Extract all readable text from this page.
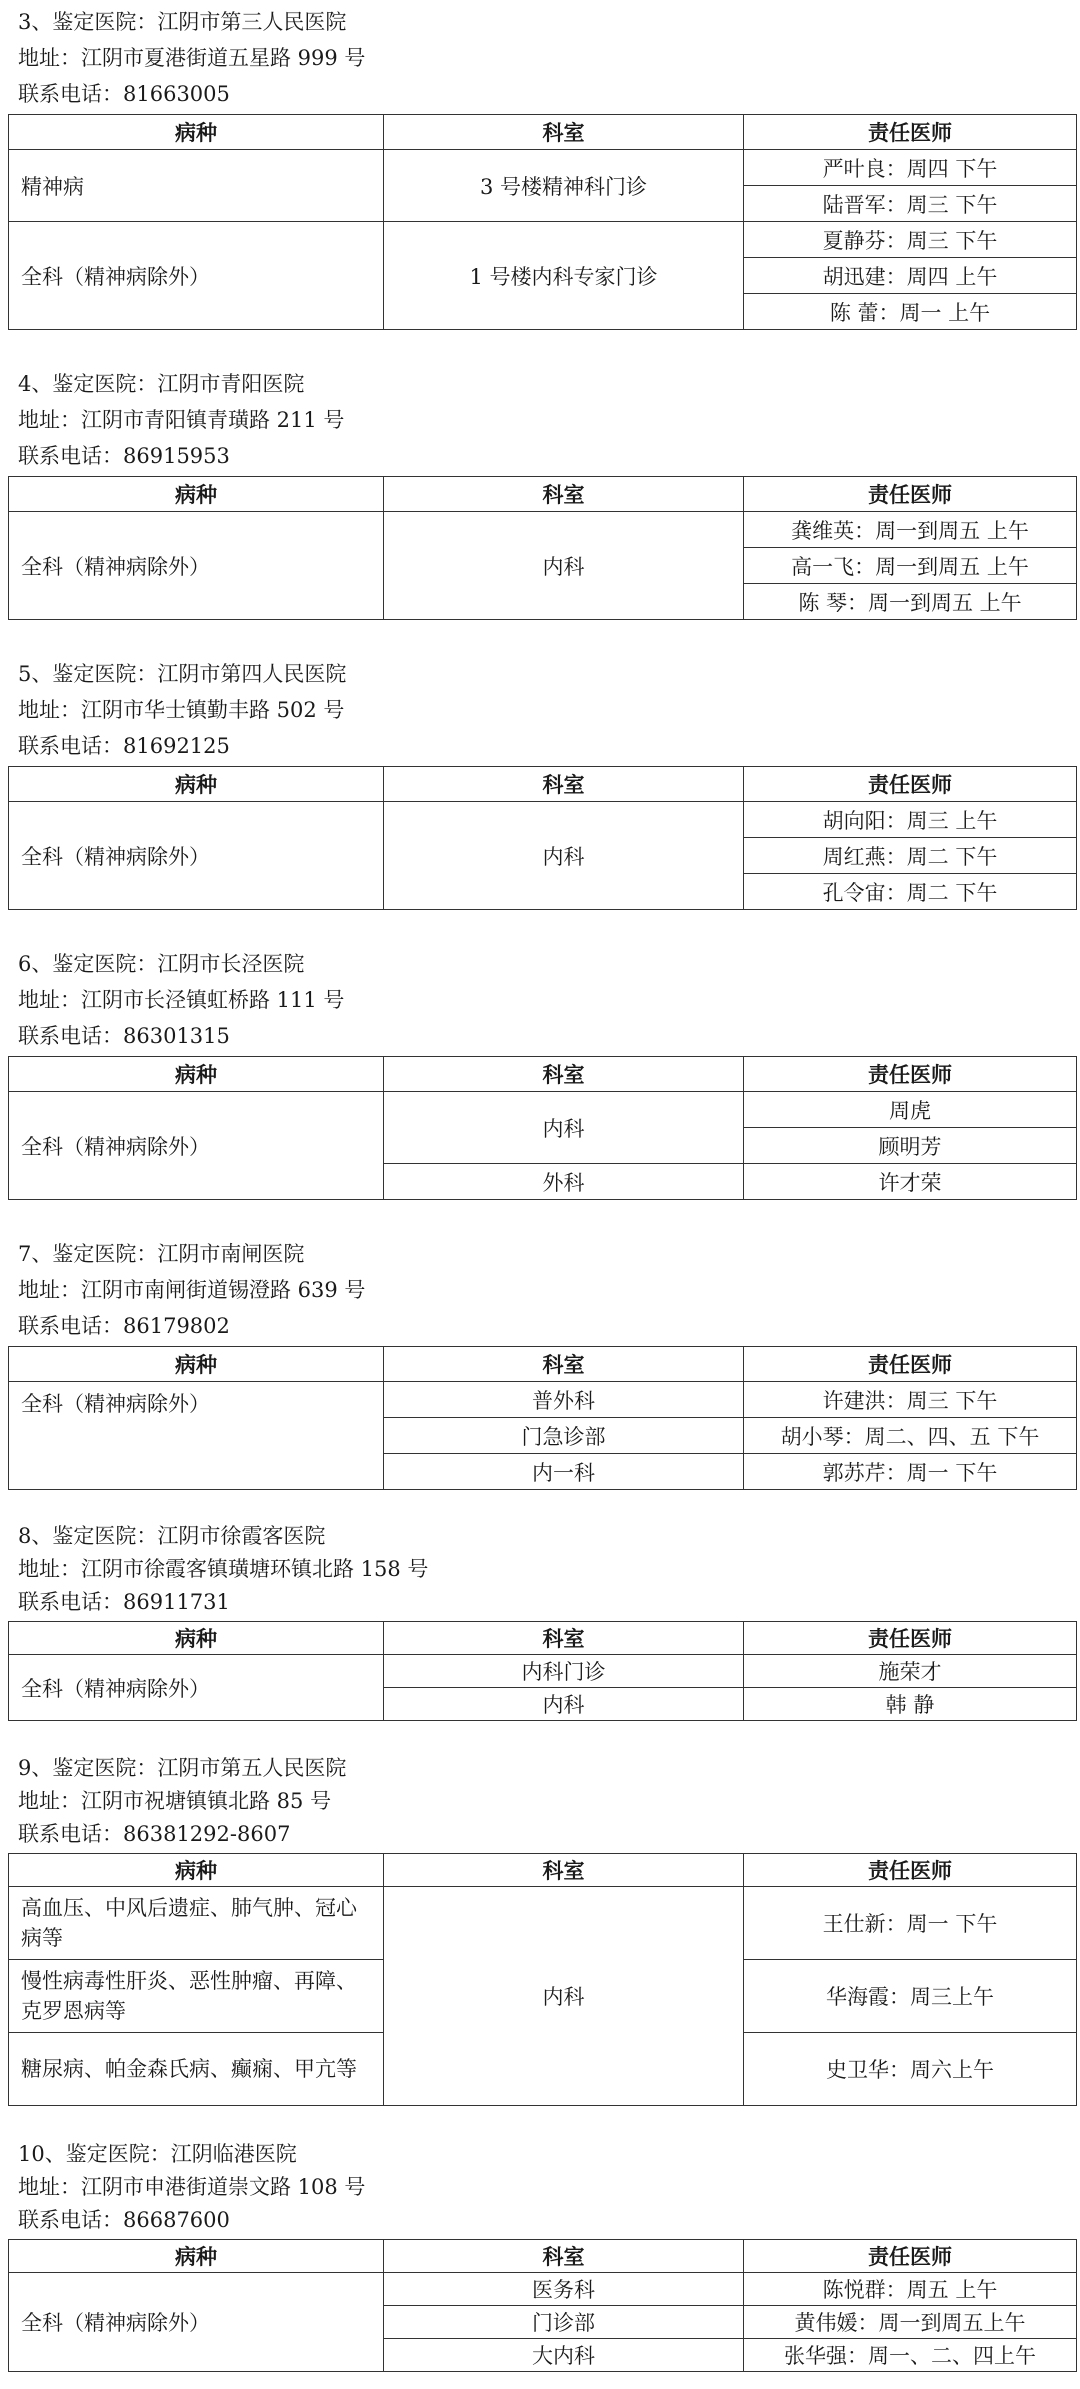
3、鉴定医院：江阴市第三人民医院
地址：江阴市夏港街道五星路 999 号
联系电话：81663005
病种	科室	责任医师
精神病	3 号楼精神科门诊	严叶良：周四 下午
		陆晋军：周三 下午
全科（精神病除外）	1 号楼内科专家门诊	夏静芬：周三 下午
		胡迅建：周四 上午
		陈 蕾：周一 上午
4、鉴定医院：江阴市青阳医院
地址：江阴市青阳镇青璜路 211 号
联系电话：86915953
病种	科室	责任医师
全科（精神病除外）	内科	龚维英：周一到周五 上午
		高一飞：周一到周五 上午
		陈 琴：周一到周五 上午
5、鉴定医院：江阴市第四人民医院
地址：江阴市华士镇勤丰路 502 号
联系电话：81692125
病种	科室	责任医师
全科（精神病除外）	内科	胡向阳：周三 上午
		周红燕：周二 下午
		孔令宙：周二 下午
6、鉴定医院：江阴市长泾医院
地址：江阴市长泾镇虹桥路 111 号
联系电话：86301315
病种	科室	责任医师
全科（精神病除外）	内科	周虎
		顾明芳
	外科	许才荣
7、鉴定医院：江阴市南闸医院
地址：江阴市南闸街道锡澄路 639 号
联系电话：86179802
病种	科室	责任医师
全科（精神病除外）	普外科	许建洪：周三 下午
	门急诊部	胡小琴：周二、四、五 下午
	内一科	郭苏芹：周一 下午
8、鉴定医院：江阴市徐霞客医院
地址：江阴市徐霞客镇璜塘环镇北路 158 号
联系电话：86911731
病种	科室	责任医师
全科（精神病除外）	内科门诊	施荣才
	内科	韩 静
9、鉴定医院：江阴市第五人民医院
地址：江阴市祝塘镇镇北路 85 号
联系电话：86381292-8607
病种	科室	责任医师
高血压、中风后遗症、肺气肿、冠心病等	内科	王仕新：周一 下午
慢性病毒性肝炎、恶性肿瘤、再障、克罗恩病等		华海霞：周三上午
糖尿病、帕金森氏病、癫痫、甲亢等		史卫华：周六上午
10、鉴定医院：江阴临港医院
地址：江阴市申港街道崇文路 108 号
联系电话：86687600
病种	科室	责任医师
全科（精神病除外）	医务科	陈悦群：周五 上午
	门诊部	黄伟媛：周一到周五上午
	大内科	张华强：周一、二、四上午
